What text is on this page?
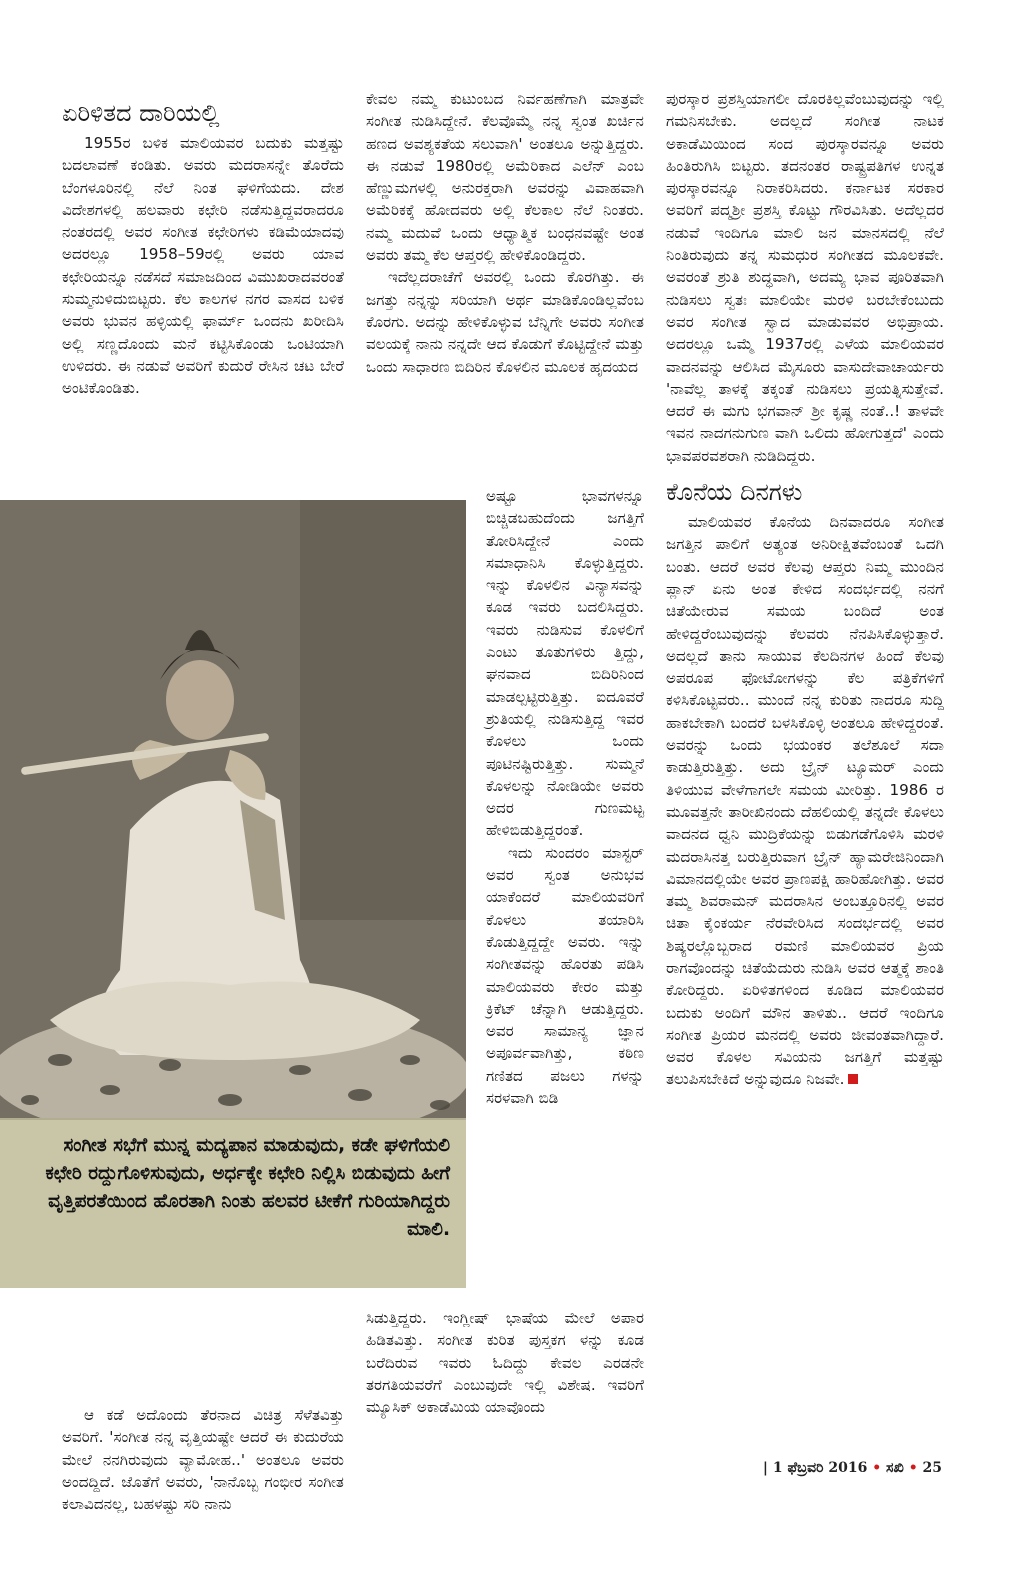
ಏರಿಳಿತದ ದಾರಿಯಲ್ಲಿ

1955ರ ಬಳಿಕ ಮಾಲಿಯವರ ಬದುಕು ಮತ್ತಷ್ಟು ಬದಲಾವಣೆ ಕಂಡಿತು. ಅವರು ಮದರಾಸನ್ನೇ ತೊರೆದು ಬೆಂಗಳೂರಿನಲ್ಲಿ ನೆಲೆ ನಿಂತ ಘಳಿಗೆಯದು. ದೇಶ ವಿದೇಶಗಳಲ್ಲಿ ಹಲವಾರು ಕಛೇರಿ ನಡೆಸುತ್ತಿದ್ದವರಾದರೂ ನಂತರದಲ್ಲಿ ಅವರ ಸಂಗೀತ ಕಛೇರಿಗಳು ಕಡಿಮೆಯಾದವು ಅದರಲ್ಲೂ 1958–59ರಲ್ಲಿ ಅವರು ಯಾವ ಕಛೇರಿಯನ್ನೂ ನಡೆಸದೆ ಸಮಾಜದಿಂದ ವಿಮುಖರಾದವರಂತೆ ಸುಮ್ಮನುಳಿದುಬಿಟ್ಟರು. ಕೆಲ ಕಾಲಗಳ ನಗರ ವಾಸದ ಬಳಿಕ ಅವರು ಭುವನ ಹಳ್ಳಿಯಲ್ಲಿ ಫಾರ್ಮ್ ಒಂದನು ಖರೀದಿಸಿ ಅಲ್ಲಿ ಸಣ್ಣದೊಂದು ಮನೆ ಕಟ್ಟಿಸಿಕೊಂಡು ಒಂಟಿಯಾಗಿ ಉಳಿದರು. ಈ ನಡುವೆ ಅವರಿಗೆ ಕುದುರೆ ರೇಸಿನ ಚಟ ಬೇರೆ ಅಂಟಿಕೊಂಡಿತು.

ಸಂಗೀತ ಸಭೆಗೆ ಮುನ್ನ ಮದ್ಯಪಾನ ಮಾಡುವುದು, ಕಡೇ ಘಳಿಗೆಯಲಿ ಕಛೇರಿ ರದ್ದುಗೊಳಿಸುವುದು, ಅರ್ಧಕ್ಕೇ ಕಛೇರಿ ನಿಲ್ಲಿಸಿ ಬಿಡುವುದು ಹೀಗೆ ವೃತ್ತಿಪರತೆಯಿಂದ ಹೊರತಾಗಿ ನಿಂತು ಹಲವರ ಟೀಕೆಗೆ ಗುರಿಯಾಗಿದ್ದರು ಮಾಲಿ.

ಆ ಕಡೆ ಅದೊಂದು ತೆರನಾದ ವಿಚಿತ್ರ ಸೆಳೆತವಿತ್ತು ಅವರಿಗೆ. 'ಸಂಗೀತ ನನ್ನ ವೃತ್ತಿಯಷ್ಟೇ ಆದರೆ ಈ ಕುದುರೆಯ ಮೇಲೆ ನನಗಿರುವುದು ವ್ಯಾಮೋಹ..' ಅಂತಲೂ ಅವರು ಅಂದದ್ದಿದೆ. ಜೊತೆಗೆ ಅವರು, 'ನಾನೊಬ್ಬ ಗಂಭೀರ ಸಂಗೀತ ಕಲಾವಿದನಲ್ಲ, ಬಹಳಷ್ಟು ಸರಿ ನಾನು

ಕೇವಲ ನಮ್ಮ ಕುಟುಂಬದ ನಿರ್ವಹಣೆಗಾಗಿ ಮಾತ್ರವೇ ಸಂಗೀತ ನುಡಿಸಿದ್ದೇನೆ. ಕೆಲವೊಮ್ಮೆ ನನ್ನ ಸ್ವಂತ ಖರ್ಚಿನ ಹಣದ ಅವಶ್ಯಕತೆಯ ಸಲುವಾಗಿ' ಅಂತಲೂ ಅನ್ನುತ್ತಿದ್ದರು. ಈ ನಡುವೆ 1980ರಲ್ಲಿ ಅಮೆರಿಕಾದ ಎಲೆನ್ ಎಂಬ ಹೆಣ್ಣುಮಗಳಲ್ಲಿ ಅನುರಕ್ತರಾಗಿ ಅವರನ್ನು ವಿವಾಹವಾಗಿ ಅಮೆರಿಕಕ್ಕೆ ಹೋದವರು ಅಲ್ಲಿ ಕೆಲಕಾಲ ನೆಲೆ ನಿಂತರು. ನಮ್ಮ ಮದುವೆ ಒಂದು ಆಧ್ಯಾತ್ಮಿಕ ಬಂಧನವಷ್ಟೇ ಅಂತ ಅವರು ತಮ್ಮ ಕೆಲ ಆಪ್ತರಲ್ಲಿ ಹೇಳಿಕೊಂಡಿದ್ದರು.

ಇದೆಲ್ಲದರಾಚೆಗೆ ಅವರಲ್ಲಿ ಒಂದು ಕೊರಗಿತ್ತು. ಈ ಜಗತ್ತು ನನ್ನನ್ನು ಸರಿಯಾಗಿ ಅರ್ಥ ಮಾಡಿಕೊಂಡಿಲ್ಲವೆಂಬ ಕೊರಗು. ಅದನ್ನು ಹೇಳಿಕೊಳ್ಳುವ ಬೆನ್ನಿಗೇ ಅವರು ಸಂಗೀತ ವಲಯಕ್ಕೆ ನಾನು ನನ್ನದೇ ಆದ ಕೊಡುಗೆ ಕೊಟ್ಟಿದ್ದೇನೆ ಮತ್ತು ಒಂದು ಸಾಧಾರಣ ಬಿದಿರಿನ ಕೊಳಲಿನ ಮೂಲಕ ಹೃದಯದ

ಅಷ್ಟೂ ಭಾವಗಳನ್ನೂ ಬಿಚ್ಚಿಡಬಹುದೆಂದು ಜಗತ್ತಿಗೆ ತೋರಿಸಿದ್ದೇನೆ ಎಂದು ಸಮಾಧಾನಿಸಿ ಕೊಳ್ಳುತ್ತಿದ್ದರು. ಇನ್ನು ಕೊಳಲಿನ ವಿನ್ಯಾಸವನ್ನು ಕೂಡ ಇವರು ಬದಲಿಸಿದ್ದರು. ಇವರು ನುಡಿಸುವ ಕೊಳಲಿಗೆ ಎಂಟು ತೂತುಗಳಿರು ತ್ತಿದ್ದು, ಘನವಾದ ಬಿದಿರಿನಿಂದ ಮಾಡಲ್ಪಟ್ಟಿರುತ್ತಿತ್ತು. ಐದೂವರೆ ಶ್ರುತಿಯಲ್ಲಿ ನುಡಿಸುತ್ತಿದ್ದ ಇವರ ಕೊಳಲು ಒಂದು ಪೂಟಿನಷ್ಟಿರುತ್ತಿತ್ತು. ಸುಮ್ಮನೆ ಕೊಳಲನ್ನು ನೋಡಿಯೇ ಅವರು ಅದರ ಗುಣಮಟ್ಟ ಹೇಳಿಬಿಡುತ್ತಿದ್ದರಂತೆ.

ಇದು ಸುಂದರಂ ಮಾಸ್ಟರ್ ಅವರ ಸ್ವಂತ ಅನುಭವ ಯಾಕೆಂದರೆ ಮಾಲಿಯವರಿಗೆ ಕೊಳಲು ತಯಾರಿಸಿ ಕೊಡುತ್ತಿದ್ದದ್ದೇ ಅವರು. ಇನ್ನು ಸಂಗೀತವನ್ನು ಹೊರತು ಪಡಿಸಿ ಮಾಲಿಯವರು ಕೇರಂ ಮತ್ತು ಕ್ರಿಕೆಟ್ ಚೆನ್ನಾಗಿ ಆಡುತ್ತಿದ್ದರು. ಅವರ ಸಾಮಾನ್ಯ ಜ್ಞಾನ ಅಪೂರ್ವವಾಗಿತ್ತು, ಕಠಿಣ ಗಣಿತದ ಪಜಲು ಗಳನ್ನು ಸರಳವಾಗಿ ಬಿಡಿ

ಸಿಡುತ್ತಿದ್ದರು. ಇಂಗ್ಲೀಷ್ ಭಾಷೆಯ ಮೇಲೆ ಅಪಾರ ಹಿಡಿತವಿತ್ತು. ಸಂಗೀತ ಕುರಿತ ಪುಸ್ತಕಗ ಳನ್ನು ಕೂಡ ಬರೆದಿರುವ ಇವರು ಓದಿದ್ದು ಕೇವಲ ಎರಡನೇ ತರಗತಿಯವರೆಗೆ ಎಂಬುವುದೇ ಇಲ್ಲಿ ವಿಶೇಷ. ಇವರಿಗೆ ಮ್ಯೂಸಿಕ್ ಅಕಾಡೆಮಿಯ ಯಾವೊಂದು

ಪುರಸ್ಕಾರ ಪ್ರಶಸ್ತಿಯಾಗಲೀ ದೊರಕಿಲ್ಲವೆಂಬುವುದನ್ನು ಇಲ್ಲಿ ಗಮನಿಸಬೇಕು. ಅದಲ್ಲದೆ ಸಂಗೀತ ನಾಟಕ ಅಕಾಡೆಮಿಯಿಂದ ಸಂದ ಪುರಸ್ಕಾರವನ್ನೂ ಅವರು ಹಿಂತಿರುಗಿಸಿ ಬಿಟ್ಟರು. ತದನಂತರ ರಾಷ್ಟ್ರಪತಿಗಳ ಉನ್ನತ ಪುರಸ್ಕಾರವನ್ನೂ ನಿರಾಕರಿಸಿದರು. ಕರ್ನಾಟಕ ಸರಕಾರ ಅವರಿಗೆ ಪದ್ಮಶ್ರೀ ಪ್ರಶಸ್ತಿ ಕೊಟ್ಟು ಗೌರವಿಸಿತು. ಅದೆಲ್ಲದರ ನಡುವೆ ಇಂದಿಗೂ ಮಾಲಿ ಜನ ಮಾನಸದಲ್ಲಿ ನೆಲೆ ನಿಂತಿರುವುದು ತನ್ನ ಸುಮಧುರ ಸಂಗೀತದ ಮೂಲಕವೇ. ಅವರಂತೆ ಶ್ರುತಿ ಶುದ್ಧವಾಗಿ, ಅದಮ್ಯ ಭಾವ ಪೂರಿತವಾಗಿ ನುಡಿಸಲು ಸ್ವತಃ ಮಾಲಿಯೇ ಮರಳಿ ಬರಬೇಕೆಂಬುದು ಅವರ ಸಂಗೀತ ಸ್ವಾದ ಮಾಡುವವರ ಅಭಿಪ್ರಾಯ. ಅದರಲ್ಲೂ ಒಮ್ಮೆ 1937ರಲ್ಲಿ ಎಳೆಯ ಮಾಲಿಯವರ ವಾದನವನ್ನು ಆಲಿಸಿದ ಮೈಸೂರು ವಾಸುದೇವಾಚಾರ್ಯರು 'ನಾವೆಲ್ಲ ತಾಳಕ್ಕೆ ತಕ್ಕಂತೆ ನುಡಿಸಲು ಪ್ರಯತ್ನಿಸುತ್ತೇವೆ. ಆದರೆ ಈ ಮಗು ಭಗವಾನ್ ಶ್ರೀ ಕೃಷ್ಣ ನಂತೆ..! ತಾಳವೇ ಇವನ ನಾದಗನುಗುಣ ವಾಗಿ ಒಲಿದು ಹೋಗುತ್ತದೆ' ಎಂದು ಭಾವಪರವಶರಾಗಿ ನುಡಿದಿದ್ದರು.

ಕೊನೆಯ ದಿನಗಳು

ಮಾಲಿಯವರ ಕೊನೆಯ ದಿನವಾದರೂ ಸಂಗೀತ ಜಗತ್ತಿನ ಪಾಲಿಗೆ ಅತ್ಯಂತ ಅನಿರೀಕ್ಷಿತವೆಂಬಂತೆ ಒದಗಿ ಬಂತು. ಆದರೆ ಅವರ ಕೆಲವು ಆಪ್ತರು ನಿಮ್ಮ ಮುಂದಿನ ಪ್ಲಾನ್ ಏನು ಅಂತ ಕೇಳಿದ ಸಂದರ್ಭದಲ್ಲಿ ನನಗೆ ಚಿತೆಯೇರುವ ಸಮಯ ಬಂದಿದೆ ಅಂತ ಹೇಳಿದ್ದರೆಂಬುವುದನ್ನು ಕೆಲವರು ನೆನಪಿಸಿಕೊಳ್ಳುತ್ತಾರೆ. ಅದಲ್ಲದೆ ತಾನು ಸಾಯುವ ಕೆಲದಿನಗಳ ಹಿಂದೆ ಕೆಲವು ಅಪರೂಪ ಫೋಟೋಗಳನ್ನು ಕೆಲ ಪತ್ರಿಕೆಗಳಿಗೆ ಕಳಿಸಿಕೊಟ್ಟವರು.. ಮುಂದೆ ನನ್ನ ಕುರಿತು ನಾದರೂ ಸುದ್ದಿ ಹಾಕಬೇಕಾಗಿ ಬಂದರೆ ಬಳಸಿಕೊಳ್ಳಿ ಅಂತಲೂ ಹೇಳಿದ್ದರಂತೆ. ಅವರನ್ನು ಒಂದು ಭಯಂಕರ ತಲೆಶೂಲೆ ಸದಾ ಕಾಡುತ್ತಿರುತ್ತಿತ್ತು. ಅದು ಬ್ರೈನ್ ಟ್ಯೂಮರ್ ಎಂದು ತಿಳಿಯುವ ವೇಳೆಗಾಗಲೇ ಸಮಯ ಮೀರಿತ್ತು. 1986 ರ ಮೂವತ್ತನೇ ತಾರೀಖಿನಂದು ದೆಹಲಿಯಲ್ಲಿ ತನ್ನದೇ ಕೊಳಲು ವಾದನದ ಧ್ವನಿ ಮುದ್ರಿಕೆಯನ್ನು ಬಿಡುಗಡೆಗೊಳಿಸಿ ಮರಳಿ ಮದರಾಸಿನತ್ತ ಬರುತ್ತಿರುವಾಗ ಬ್ರೈನ್ ಹ್ಯಾಮರೇಜಿನಿಂದಾಗಿ ವಿಮಾನದಲ್ಲಿಯೇ ಅವರ ಪ್ರಾಣಪಕ್ಷಿ ಹಾರಿಹೋಗಿತ್ತು. ಅವರ ತಮ್ಮ ಶಿವರಾಮನ್ ಮದರಾಸಿನ ಅಂಬತ್ತೂರಿನಲ್ಲಿ ಅವರ ಚಿತಾ ಕೈಂಕರ್ಯ ನೆರವೇರಿಸಿದ ಸಂದರ್ಭದಲ್ಲಿ ಅವರ ಶಿಷ್ಯರಲ್ಲೊಬ್ಬರಾದ ರಮಣಿ ಮಾಲಿಯವರ ಪ್ರಿಯ ರಾಗವೊಂದನ್ನು ಚಿತೆಯೆದುರು ನುಡಿಸಿ ಅವರ ಆತ್ಮಕ್ಕೆ ಶಾಂತಿ ಕೋರಿದ್ದರು. ಏರಿಳಿತಗಳಿಂದ ಕೂಡಿದ ಮಾಲಿಯವರ ಬದುಕು ಅಂದಿಗೆ ಮೌನ ತಾಳಿತು.. ಆದರೆ ಇಂದಿಗೂ ಸಂಗೀತ ಪ್ರಿಯರ ಮನದಲ್ಲಿ ಅವರು ಜೀವಂತವಾಗಿದ್ದಾರೆ. ಅವರ ಕೊಳಲ ಸವಿಯನು ಜಗತ್ತಿಗೆ ಮತ್ತಷ್ಟು ತಲುಪಿಸಬೇಕಿದೆ ಅನ್ನುವುದೂ ನಿಜವೇ.

| 1 ಫೆಬ್ರವರಿ 2016 • ಸಖಿ • 25
